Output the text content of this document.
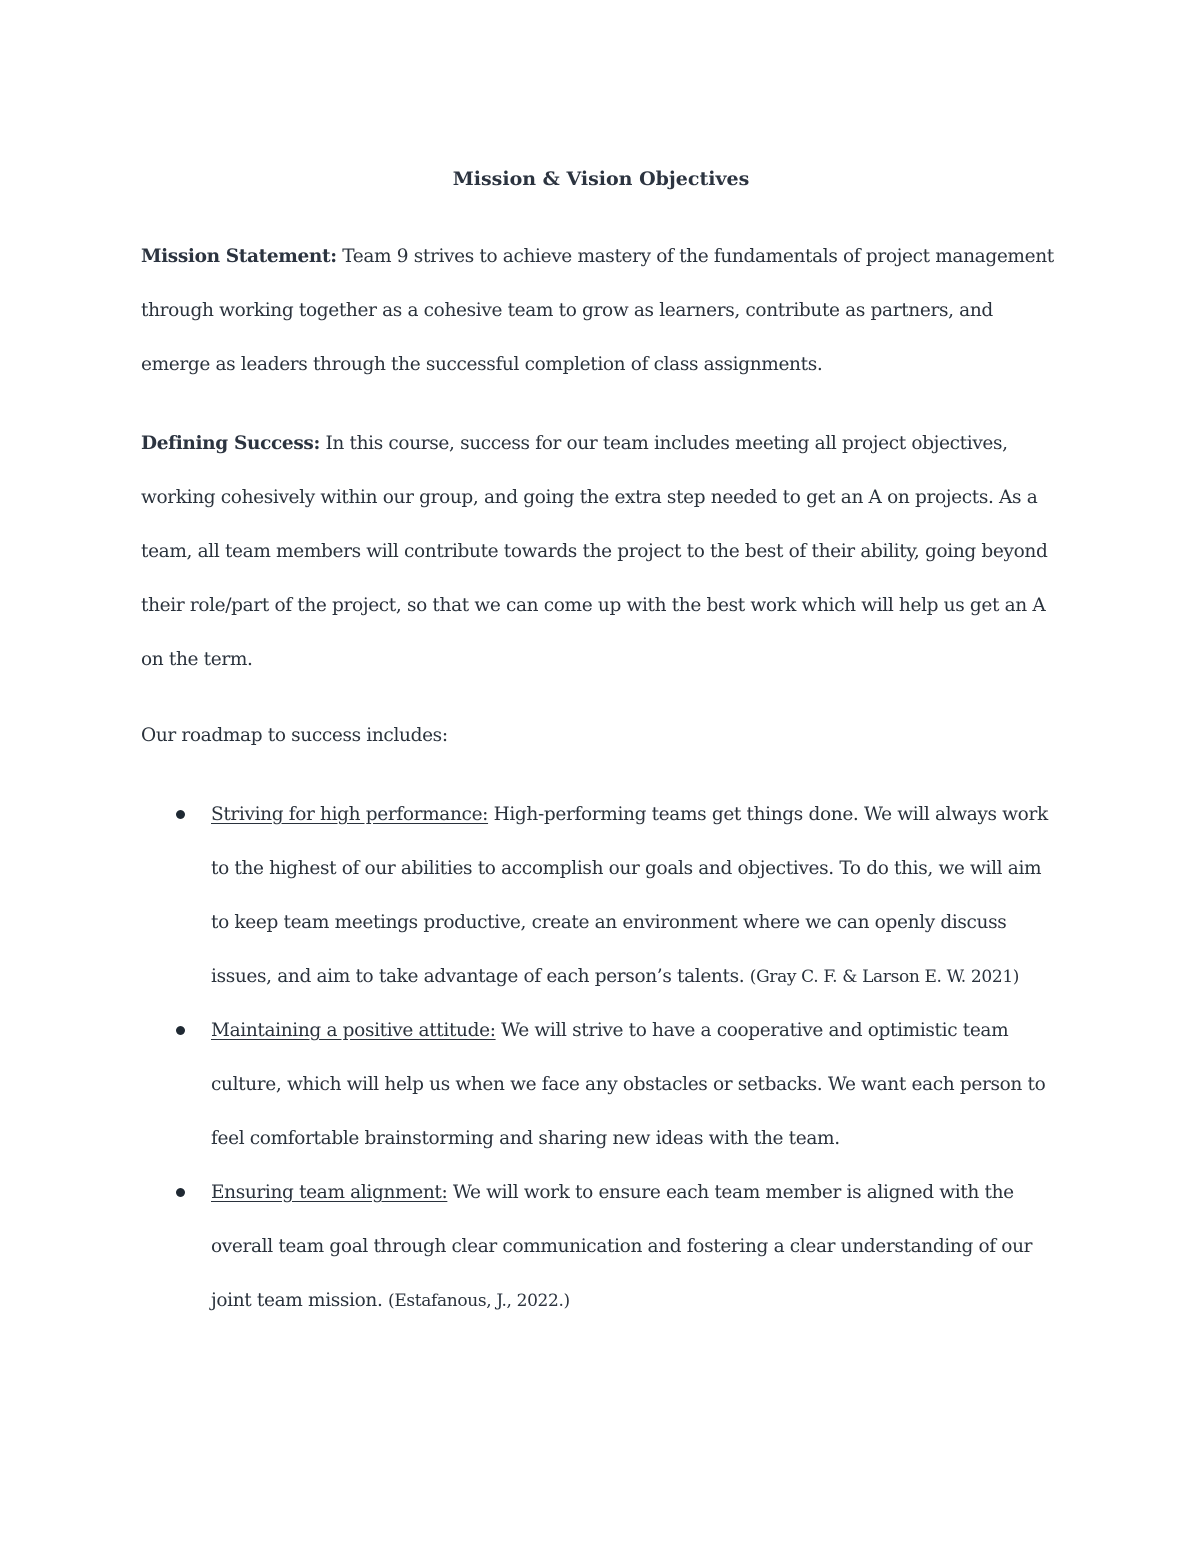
Mission & Vision Objectives

Mission Statement: Team 9 strives to achieve mastery of the fundamentals of project management through working together as a cohesive team to grow as learners, contribute as partners, and emerge as leaders through the successful completion of class assignments.

Defining Success: In this course, success for our team includes meeting all project objectives, working cohesively within our group, and going the extra step needed to get an A on projects. As a team, all team members will contribute towards the project to the best of their ability, going beyond their role/part of the project, so that we can come up with the best work which will help us get an A on the term.

Our roadmap to success includes:

Striving for high performance: High-performing teams get things done. We will always work to the highest of our abilities to accomplish our goals and objectives. To do this, we will aim to keep team meetings productive, create an environment where we can openly discuss issues, and aim to take advantage of each person’s talents. (Gray C. F. & Larson E. W. 2021)
Maintaining a positive attitude: We will strive to have a cooperative and optimistic team culture, which will help us when we face any obstacles or setbacks. We want each person to feel comfortable brainstorming and sharing new ideas with the team.
Ensuring team alignment: We will work to ensure each team member is aligned with the overall team goal through clear communication and fostering a clear understanding of our joint team mission. (Estafanous, J., 2022.)
